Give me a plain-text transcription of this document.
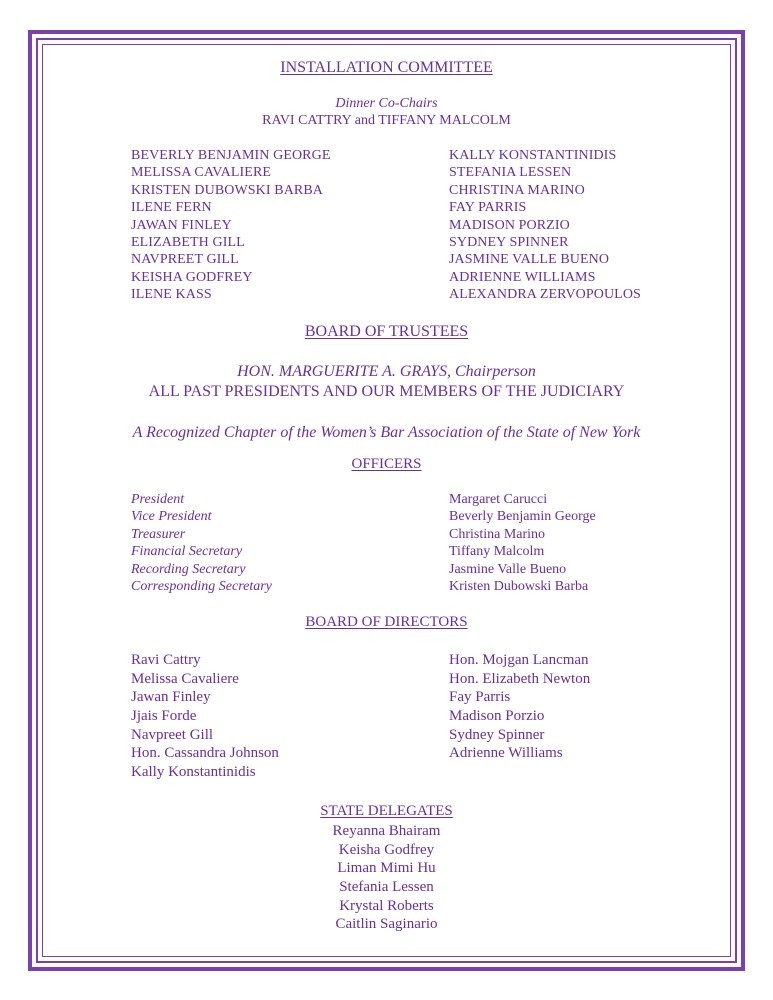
INSTALLATION COMMITTEE
Dinner Co-Chairs
RAVI CATTRY and TIFFANY MALCOLM
BEVERLY BENJAMIN GEORGE
MELISSA CAVALIERE
KRISTEN DUBOWSKI BARBA
ILENE FERN
JAWAN FINLEY
ELIZABETH GILL
NAVPREET GILL
KEISHA GODFREY
ILENE KASS
KALLY KONSTANTINIDIS
STEFANIA LESSEN
CHRISTINA MARINO
FAY PARRIS
MADISON PORZIO
SYDNEY SPINNER
JASMINE VALLE BUENO
ADRIENNE WILLIAMS
ALEXANDRA ZERVOPOULOS
BOARD OF TRUSTEES
HON. MARGUERITE A. GRAYS, Chairperson
ALL PAST PRESIDENTS AND OUR MEMBERS OF THE JUDICIARY
A Recognized Chapter of the Women’s Bar Association of the State of New York
OFFICERS
President
Vice President
Treasurer
Financial Secretary
Recording Secretary
Corresponding Secretary
Margaret Carucci
Beverly Benjamin George
Christina Marino
Tiffany Malcolm
Jasmine Valle Bueno
Kristen Dubowski Barba
BOARD OF DIRECTORS
Ravi Cattry
Melissa Cavaliere
Jawan Finley
Jjais Forde
Navpreet Gill
Hon. Cassandra Johnson
Kally Konstantinidis
Hon. Mojgan Lancman
Hon. Elizabeth Newton
Fay Parris
Madison Porzio
Sydney Spinner
Adrienne Williams
STATE DELEGATES
Reyanna Bhairam
Keisha Godfrey
Liman Mimi Hu
Stefania Lessen
Krystal Roberts
Caitlin Saginario
